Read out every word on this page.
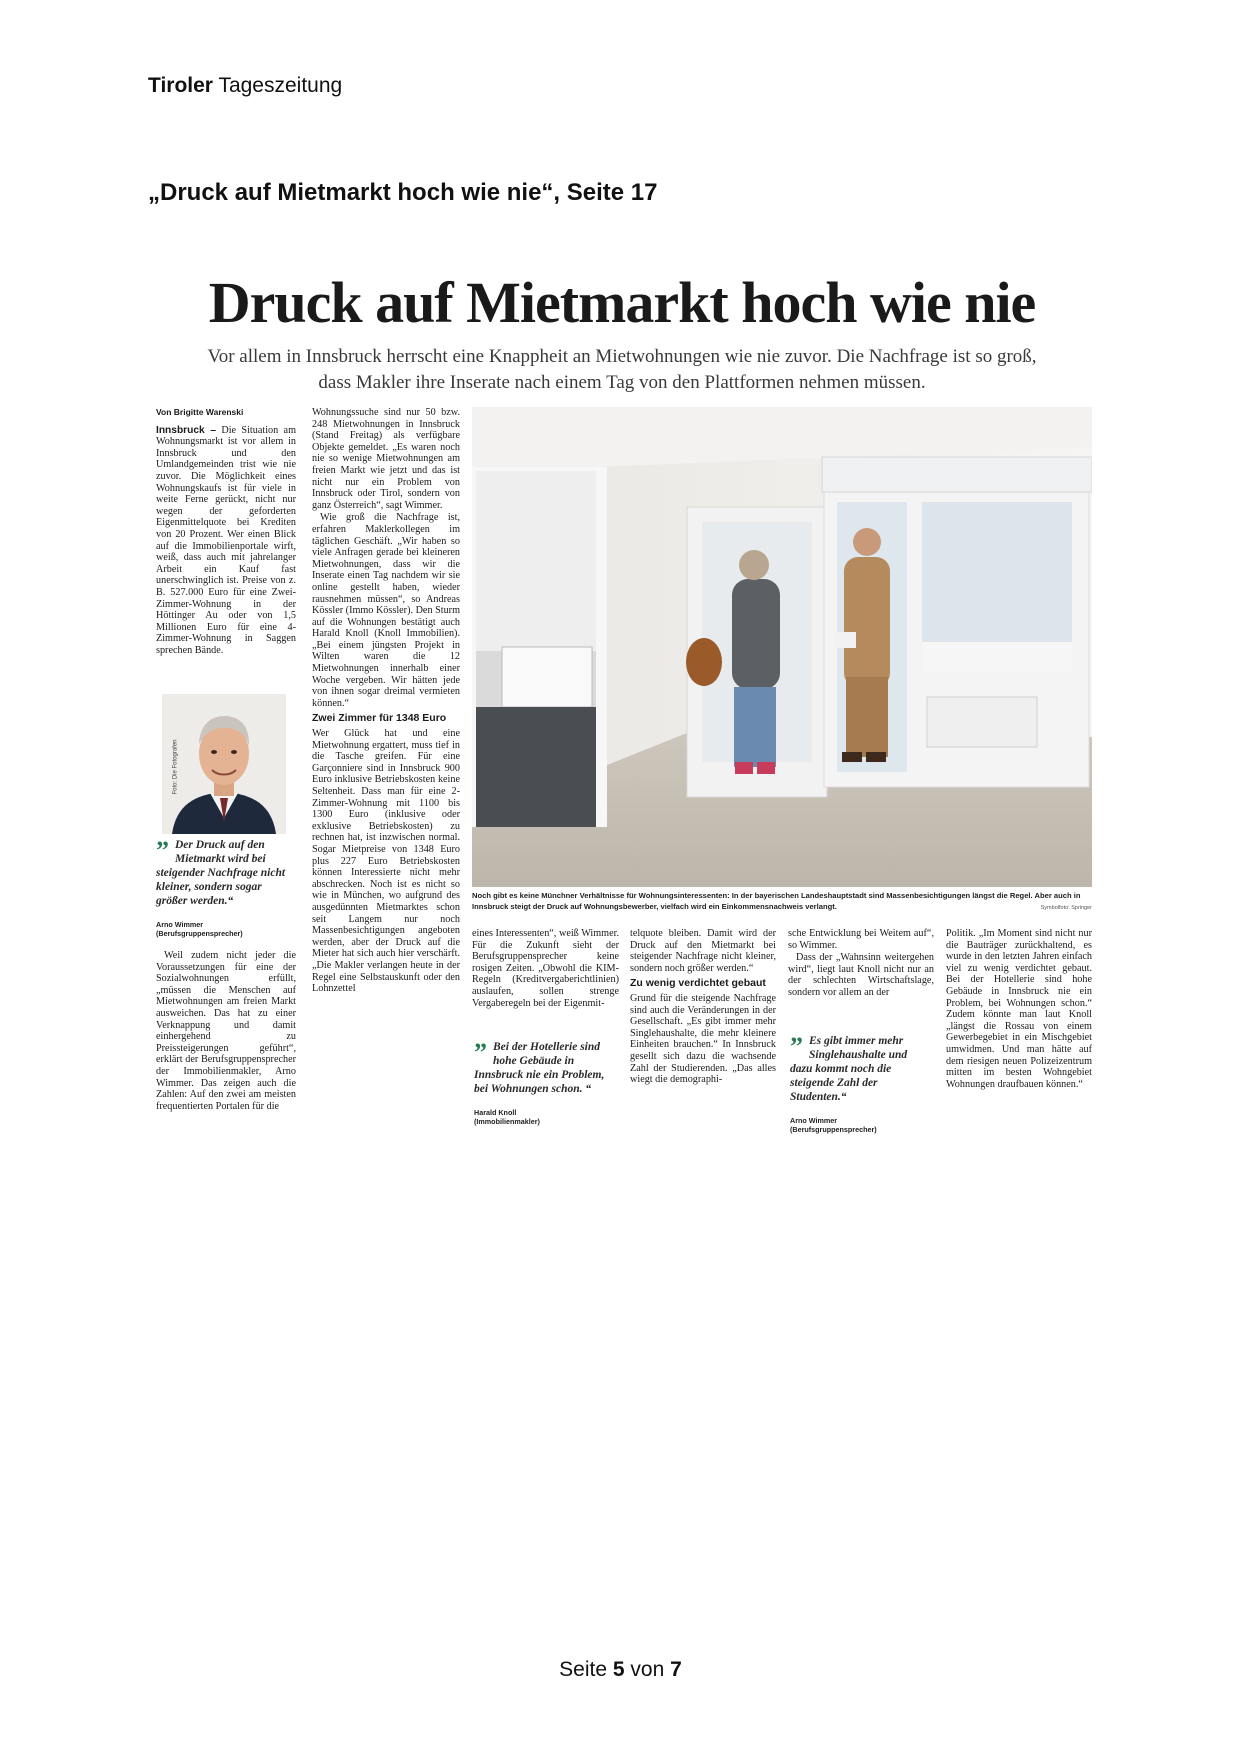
Tiroler Tageszeitung
„Druck auf Mietmarkt hoch wie nie“, Seite 17
Druck auf Mietmarkt hoch wie nie
Vor allem in Innsbruck herrscht eine Knappheit an Mietwohnungen wie nie zuvor. Die Nachfrage ist so groß, dass Makler ihre Inserate nach einem Tag von den Plattformen nehmen müssen.
Von Brigitte Warenski

Innsbruck – Die Situation am Wohnungsmarkt ist vor allem in Innsbruck und den Umlandgemeinden trist wie nie zuvor. Die Möglichkeit eines Wohnungskaufs ist für viele in weite Ferne gerückt, nicht nur wegen der geforderten Eigenmittelquote bei Krediten von 20 Prozent. Wer einen Blick auf die Immobilienportale wirft, weiß, dass auch mit jahrelanger Arbeit ein Kauf fast unerschwinglich ist. Preise von z. B. 527.000 Euro für eine Zwei-Zimmer-Wohnung in der Höttinger Au oder von 1,5 Millionen Euro für eine 4-Zimmer-Wohnung in Saggen sprechen Bände.

Foto: Die Fotografen
” Der Druck auf den Mietmarkt wird bei steigender Nachfrage nicht kleiner, sondern sogar größer werden.“
Arno Wimmer
(Berufsgruppensprecher)

Weil zudem nicht jeder die Voraussetzungen für eine der Sozialwohnungen erfüllt, „müssen die Menschen auf Mietwohnungen am freien Markt ausweichen. Das hat zu einer Verknappung und damit einhergehend zu Preissteigerungen geführt“, erklärt der Berufsgruppensprecher der Immobilienmakler, Arno Wimmer. Das zeigen auch die Zahlen: Auf den zwei am meisten frequentierten Portalen für die

Wohnungssuche sind nur 50 bzw. 248 Mietwohnungen in Innsbruck (Stand Freitag) als verfügbare Objekte gemeldet. „Es waren noch nie so wenige Mietwohnungen am freien Markt wie jetzt und das ist nicht nur ein Problem von Innsbruck oder Tirol, sondern von ganz Österreich“, sagt Wimmer.

Wie groß die Nachfrage ist, erfahren Maklerkollegen im täglichen Geschäft. „Wir haben so viele Anfragen gerade bei kleineren Mietwohnungen, dass wir die Inserate einen Tag nachdem wir sie online gestellt haben, wieder rausnehmen müssen“, so Andreas Kössler (Immo Kössler). Den Sturm auf die Wohnungen bestätigt auch Harald Knoll (Knoll Immobilien). „Bei einem jüngsten Projekt in Wilten waren die 12 Mietwohnungen innerhalb einer Woche vergeben. Wir hätten jede von ihnen sogar dreimal vermieten können.“

Zwei Zimmer für 1348 Euro

Wer Glück hat und eine Mietwohnung ergattert, muss tief in die Tasche greifen. Für eine Garçonniere sind in Innsbruck 900 Euro inklusive Betriebskosten keine Seltenheit. Dass man für eine 2-Zimmer-Wohnung mit 1100 bis 1300 Euro (inklusive oder exklusive Betriebskosten) zu rechnen hat, ist inzwischen normal. Sogar Mietpreise von 1348 Euro plus 227 Euro Betriebskosten können Interessierte nicht mehr abschrecken. Noch ist es nicht so wie in München, wo aufgrund des ausgedünnten Mietmarktes schon seit Langem nur noch Massenbesichtigungen angeboten werden, aber der Druck auf die Mieter hat sich auch hier verschärft. „Die Makler verlangen heute in der Regel eine Selbstauskunft oder den Lohnzettel

Noch gibt es keine Münchner Verhältnisse für Wohnungsinteressenten: In der bayerischen Landeshauptstadt sind Massenbesichtigungen längst die Regel. Aber auch in Innsbruck steigt der Druck auf Wohnungsbewerber, vielfach wird ein Einkommensnachweis verlangt.	Symbolfoto: Springer

eines Interessenten“, weiß Wimmer. Für die Zukunft sieht der Berufsgruppensprecher keine rosigen Zeiten. „Obwohl die KIM-Regeln (Kreditvergaberichtlinien) auslaufen, sollen strenge Vergaberegeln bei der Eigenmit-

” Bei der Hotellerie sind hohe Gebäude in Innsbruck nie ein Problem, bei Wohnungen schon. “
Harald Knoll
(Immobilienmakler)

telquote bleiben. Damit wird der Druck auf den Mietmarkt bei steigender Nachfrage nicht kleiner, sondern noch größer werden.“

Zu wenig verdichtet gebaut

Grund für die steigende Nachfrage sind auch die Veränderungen in der Gesellschaft. „Es gibt immer mehr Singlehaushalte, die mehr kleinere Einheiten brauchen.“ In Innsbruck gesellt sich dazu die wachsende Zahl der Studierenden. „Das alles wiegt die demographi-

sche Entwicklung bei Weitem auf“, so Wimmer.

Dass der „Wahnsinn weitergehen wird“, liegt laut Knoll nicht nur an der schlechten Wirtschaftslage, sondern vor allem an der

” Es gibt immer mehr Singlehaushalte und dazu kommt noch die steigende Zahl der Studenten.“
Arno Wimmer
(Berufsgruppensprecher)

Politik. „Im Moment sind nicht nur die Bauträger zurückhaltend, es wurde in den letzten Jahren einfach viel zu wenig verdichtet gebaut. Bei der Hotellerie sind hohe Gebäude in Innsbruck nie ein Problem, bei Wohnungen schon.“ Zudem könnte man laut Knoll „längst die Rossau von einem Gewerbegebiet in ein Mischgebiet umwidmen. Und man hätte auf dem riesigen neuen Polizeizentrum mitten im besten Wohngebiet Wohnungen draufbauen können.“

Seite 5 von 7
